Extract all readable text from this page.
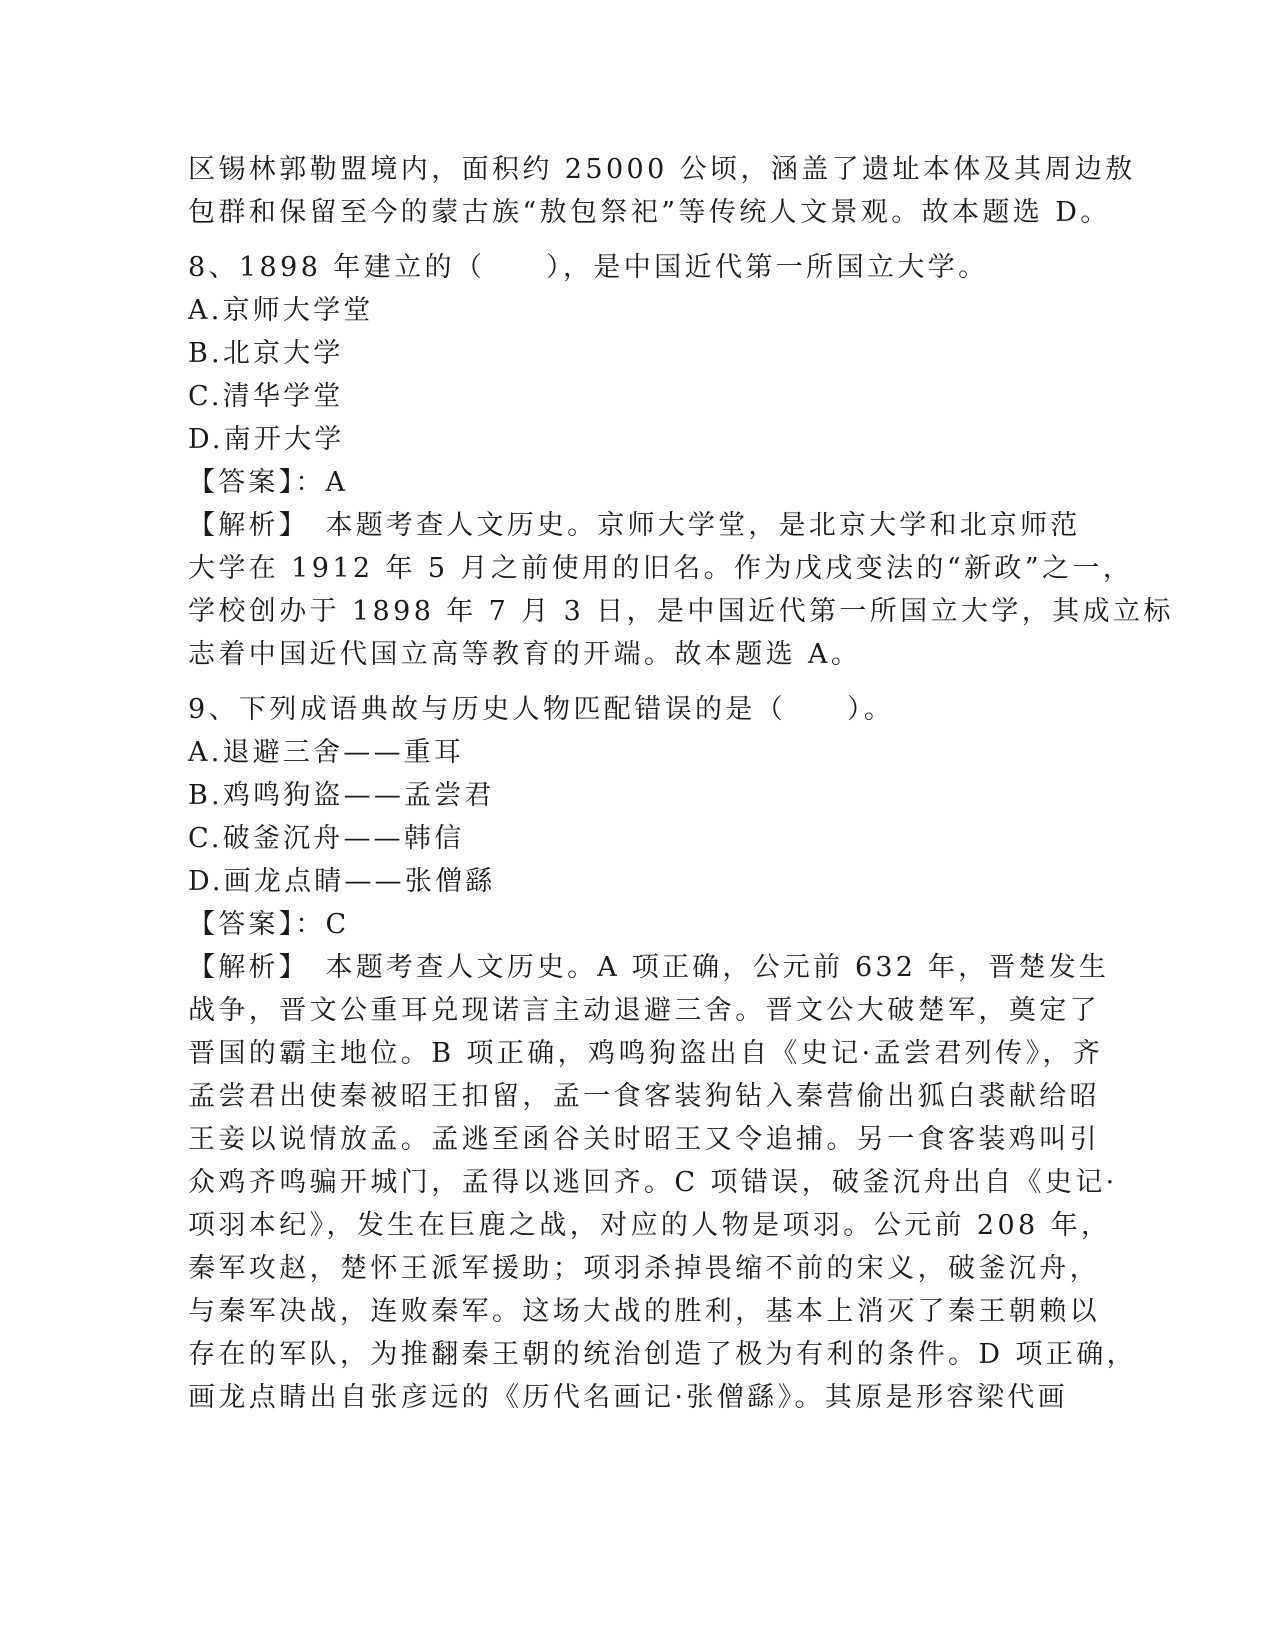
区锡林郭勒盟境内，面积约 25000 公顷，涵盖了遗址本体及其周边敖
包群和保留至今的蒙古族“敖包祭祀”等传统人文景观。故本题选 D。
8、1898 年建立的（　　），是中国近代第一所国立大学。
A.京师大学堂
B.北京大学
C.清华学堂
D.南开大学
【答案】：A
【解析】　本题考查人文历史。京师大学堂，是北京大学和北京师范
大学在 1912 年 5 月之前使用的旧名。作为戊戌变法的“新政”之一，
学校创办于 1898 年 7 月 3 日，是中国近代第一所国立大学，其成立标
志着中国近代国立高等教育的开端。故本题选 A。
9、下列成语典故与历史人物匹配错误的是（　　）。
A.退避三舍——重耳
B.鸡鸣狗盗——孟尝君
C.破釜沉舟——韩信
D.画龙点睛——张僧繇
【答案】：C
【解析】　本题考查人文历史。A 项正确，公元前 632 年，晋楚发生
战争，晋文公重耳兑现诺言主动退避三舍。晋文公大破楚军，奠定了
晋国的霸主地位。B 项正确，鸡鸣狗盗出自《史记·孟尝君列传》，齐
孟尝君出使秦被昭王扣留，孟一食客装狗钻入秦营偷出狐白裘献给昭
王妾以说情放孟。孟逃至函谷关时昭王又令追捕。另一食客装鸡叫引
众鸡齐鸣骗开城门，孟得以逃回齐。C 项错误，破釜沉舟出自《史记·
项羽本纪》，发生在巨鹿之战，对应的人物是项羽。公元前 208 年，
秦军攻赵，楚怀王派军援助；项羽杀掉畏缩不前的宋义，破釜沉舟，
与秦军决战，连败秦军。这场大战的胜利，基本上消灭了秦王朝赖以
存在的军队，为推翻秦王朝的统治创造了极为有利的条件。D 项正确，
画龙点睛出自张彦远的《历代名画记·张僧繇》。其原是形容梁代画
